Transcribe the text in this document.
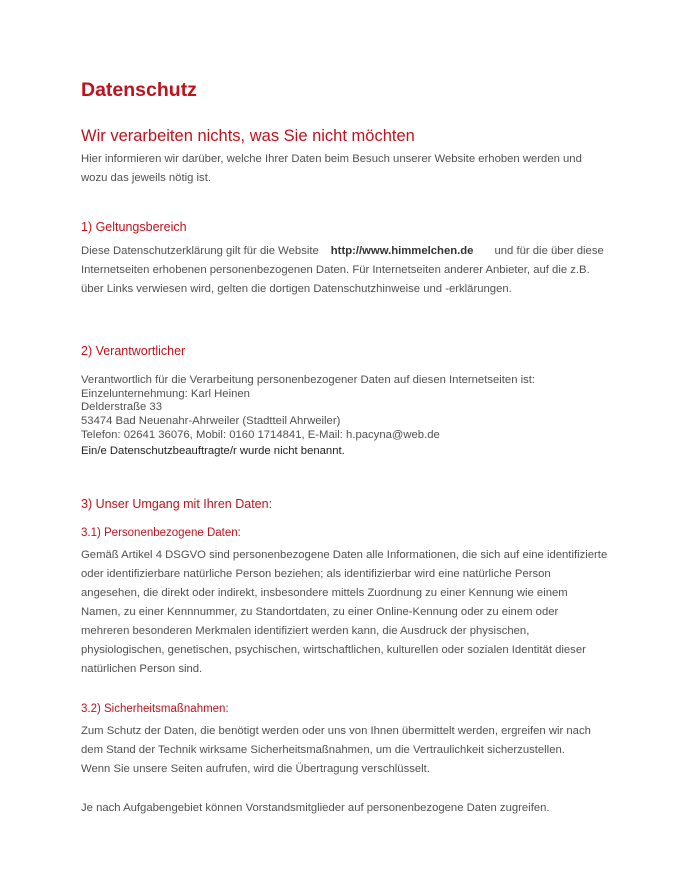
Datenschutz
Wir verarbeiten nichts, was Sie nicht möchten
Hier informieren wir darüber, welche Ihrer Daten beim Besuch unserer Website erhoben werden und
wozu das jeweils nötig ist.
1) Geltungsbereich
Diese Datenschutzerklärung gilt für die Website http://www.himmelchen.de und für die über diese
Internetseiten erhobenen personenbezogenen Daten. Für Internetseiten anderer Anbieter, auf die z.B.
über Links verwiesen wird, gelten die dortigen Datenschutzhinweise und -erklärungen.
2) Verantwortlicher
Verantwortlich für die Verarbeitung personenbezogener Daten auf diesen Internetseiten ist:
Einzelunternehmung: Karl Heinen
Delderstraße 33
53474 Bad Neuenahr-Ahrweiler (Stadtteil Ahrweiler)
Telefon: 02641 36076, Mobil: 0160 1714841, E-Mail: h.pacyna@web.de
Ein/e Datenschutzbeauftragte/r wurde nicht benannt.
3) Unser Umgang mit Ihren Daten:
3.1) Personenbezogene Daten:
Gemäß Artikel 4 DSGVO sind personenbezogene Daten alle Informationen, die sich auf eine identifizierte
oder identifizierbare natürliche Person beziehen; als identifizierbar wird eine natürliche Person
angesehen, die direkt oder indirekt, insbesondere mittels Zuordnung zu einer Kennung wie einem
Namen, zu einer Kennnummer, zu Standortdaten, zu einer Online-Kennung oder zu einem oder
mehreren besonderen Merkmalen identifiziert werden kann, die Ausdruck der physischen,
physiologischen, genetischen, psychischen, wirtschaftlichen, kulturellen oder sozialen Identität dieser
natürlichen Person sind.
3.2) Sicherheitsmaßnahmen:
Zum Schutz der Daten, die benötigt werden oder uns von Ihnen übermittelt werden, ergreifen wir nach
dem Stand der Technik wirksame Sicherheitsmaßnahmen, um die Vertraulichkeit sicherzustellen.
Wenn Sie unsere Seiten aufrufen, wird die Übertragung verschlüsselt.
Je nach Aufgabengebiet können Vorstandsmitglieder auf personenbezogene Daten zugreifen.
